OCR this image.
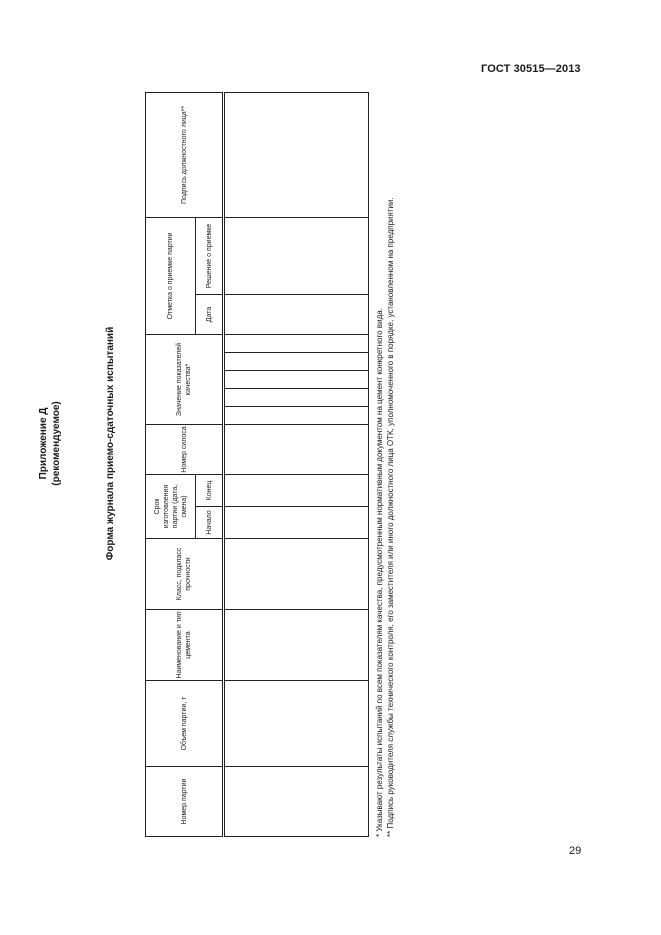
ГОСТ 30515—2013
Приложение Д (рекомендуемое)	Форма журнала приемо-сдаточных испытаний
Номер партии	Объем партии, т	Наименование и тип цемента	Класс, подкласс прочности	Срок изготовления партии (дата, смена)		Номер силоса	Значение показателей качества*					Отметка о приемке партии		Подпись должностного лица**
				Начало	Конец							Дата	Решение о приемке	

* Указывают результаты испытаний по всем показателям качества, предусмотренным нормативным документом на цемент конкретного вида. ** Подпись руководителя службы технического контроля, его заместителя или иного должностного лица ОТК, уполномоченного в порядке, установленном на предприятии.

29
